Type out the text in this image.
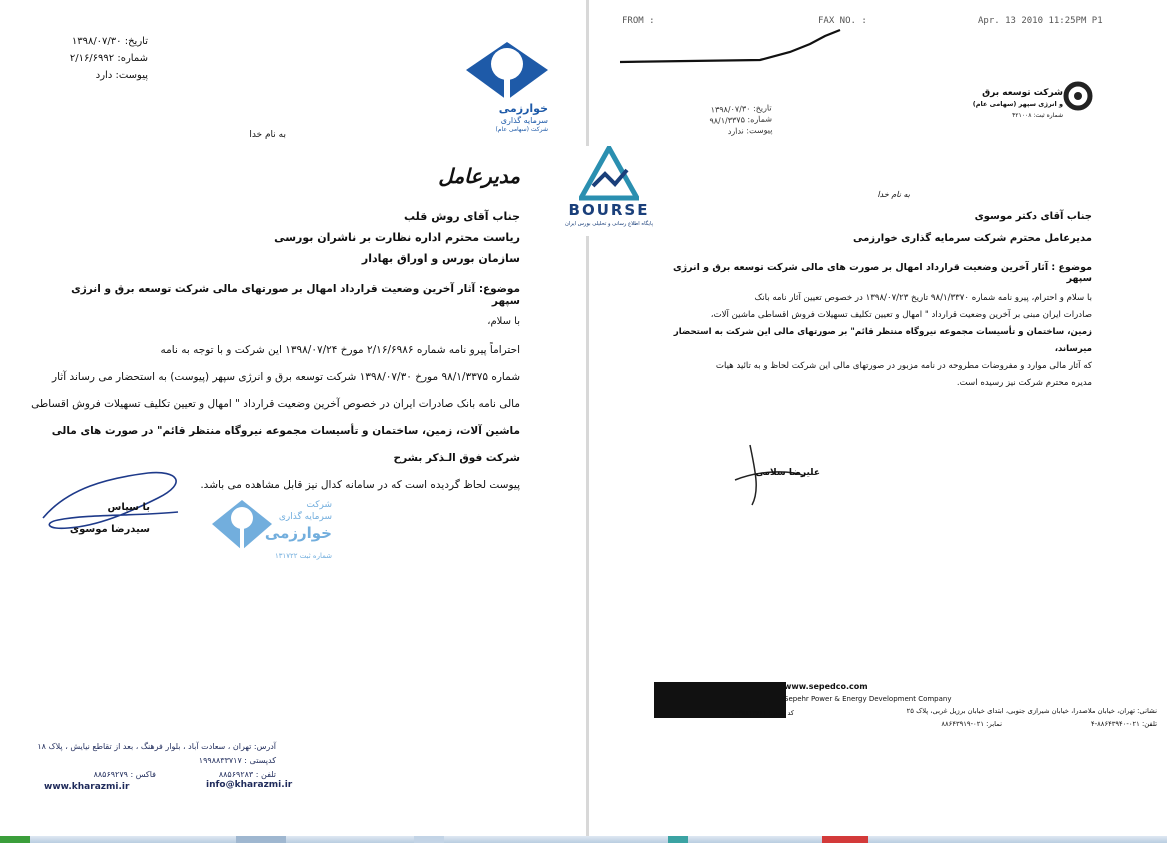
تاریخ: ۱۳۹۸/۰۷/۳۰
شماره: ۲/۱۶/۶۹۹۲
پیوست: دارد
خوارزمی
سرمایه گذاری
شرکت (سهامی عام)
به نام خدا
مدیرعامل
جناب آقای روش قلب
ریاست محترم اداره نظارت بر ناشران بورسی
سازمان بورس و اوراق بهادار
موضوع: آثار آخرین وضعیت قرارداد امهال بر صورتهای مالی شرکت توسعه برق و انرژی سپهر
با سلام،
احتراماً پیرو نامه شماره ۲/۱۶/۶۹۸۶ مورخ ۱۳۹۸/۰۷/۲۴ این شرکت و با توجه به نامه
شماره ۹۸/۱/۳۳۷۵ مورخ ۱۳۹۸/۰۷/۳۰ شرکت توسعه برق و انرژی سپهر (پیوست) به استحضار می رساند آثار
مالی نامه بانک صادرات ایران در خصوص آخرین وضعیت قرارداد " امهال و تعیین تکلیف تسهیلات فروش اقساطی
ماشین آلات، زمین، ساختمان و تأسیسات مجموعه نیروگاه منتظر قائم" در صورت های مالی شرکت فوق الـذکر بشرح
پیوست لحاظ گردیده است که در سامانه کدال نیز قابل مشاهده می باشد.
با سپاس
سیدرضا موسوی
شرکت
سرمایه گذاری
خوارزمی
شماره ثبت ۱۳۱۷۲۲
آدرس: تهران ، سعادت آباد ، بلوار فرهنگ ، بعد از تقاطع نیایش ، پلاک ۱۸
کدپستی : ۱۹۹۸۸۳۳۷۱۷
تلفن : ۸۸۵۶۹۲۸۳
فاکس : ۸۸۵۶۹۲۷۹
www.kharazmi.ir	info@kharazmi.ir
FROM :	FAX NO. :	Apr. 13 2010 11:25PM P1
تاریخ: ۱۳۹۸/۰۷/۳۰
شماره: ۹۸/۱/۳۳۷۵
پیوست: ندارد
شرکت توسعه برق
و انرژی سپهر (سهامی عام)
شماره ثبت: ۴۲۱۰۰۸
به نام خدا
جناب آقای دکتر موسوی
مدیرعامل محترم شرکت سرمایه گذاری خوارزمی
موضوع : آثار آخرین وضعیت قرارداد امهال بر صورت های مالی شرکت توسعه برق و انرژی سپهر
با سلام و احترام، پیرو نامه شماره ۹۸/۱/۳۳۷۰ تاریخ ۱۳۹۸/۰۷/۲۳ در خصوص تعیین آثار نامه بانک
صادرات ایران مبنی بر آخرین وضعیت قرارداد " امهال و تعیین تکلیف تسهیلات فروش اقساطی ماشین آلات،
زمین، ساختمان و تأسیسات مجموعه نیروگاه منتظر قائم" بر صورتهای مالی این شرکت به استحضار میرساند،
که آثار مالی موارد و مفروضات مطروحه در نامه مزبور در صورتهای مالی این شرکت لحاظ و به تائید هیات
مدیره محترم شرکت نیز رسیده است.
علیرضا سلامی
www.sepedco.com
Sepehr Power & Energy Development Company
نشانی: تهران، خیابان ملاصدرا، خیابان شیرازی جنوبی، ابتدای خیابان برزیل غربی، پلاک ۲۵
کد پستی: ۱۴۳۵۸۱۴۶۶۱
تلفن: ۰۲۱-۸۸۶۴۳۹۴۰-۴
نمابر: ۰۲۱-۸۸۶۴۳۹۱۹
BOURSE
پایگاه اطلاع رسانی و تحلیلی بورس ایران
